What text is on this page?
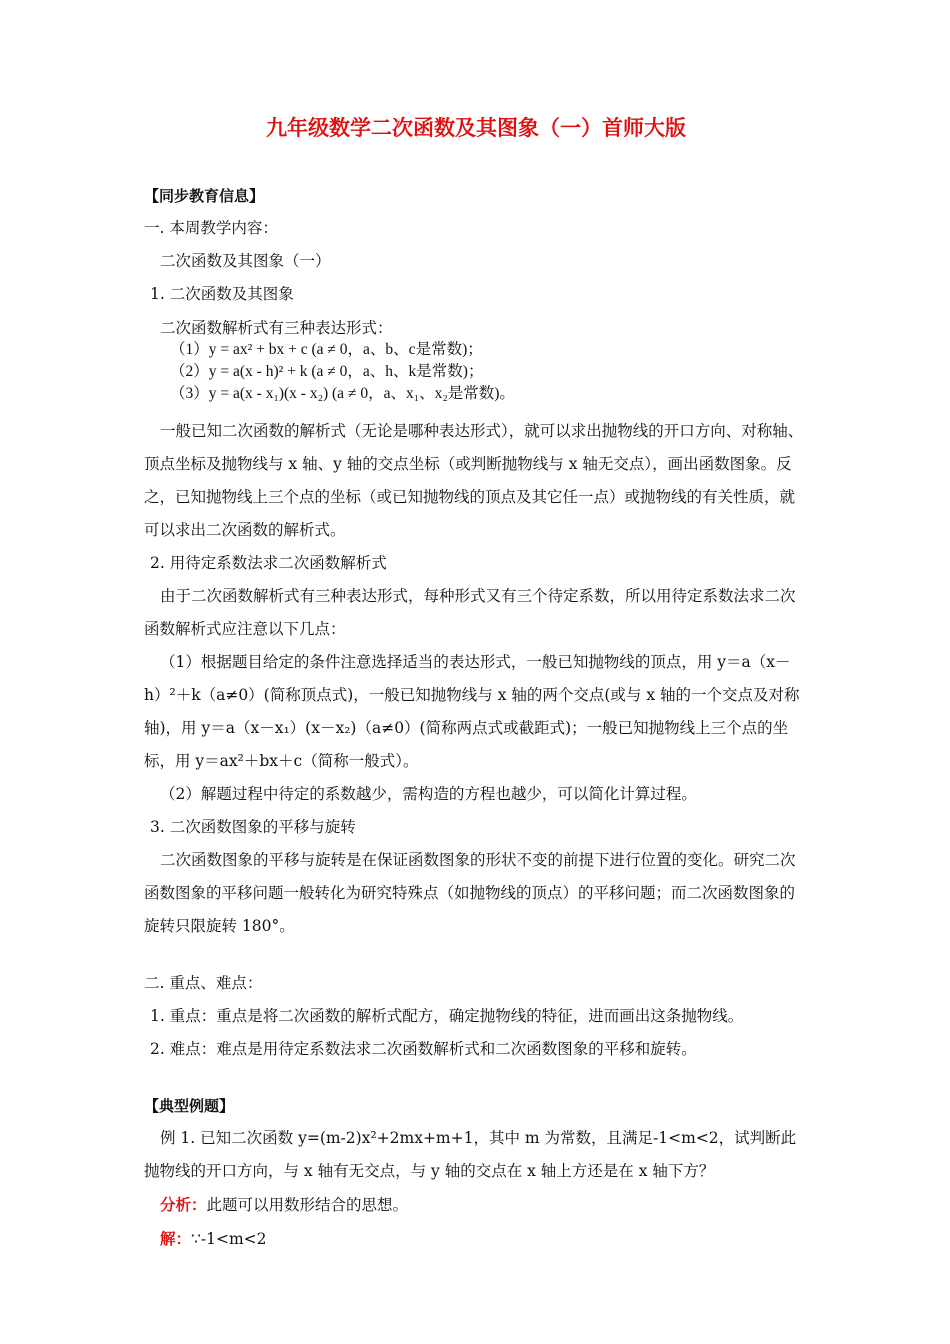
九年级数学二次函数及其图象（一）首师大版
【同步教育信息】
一. 本周教学内容：
二次函数及其图象（一）
1. 二次函数及其图象
二次函数解析式有三种表达形式：
（1）y = ax² + bx + c (a ≠ 0，a、b、c是常数)；
（2）y = a(x - h)² + k (a ≠ 0，a、h、k是常数)；
（3）y = a(x - x₁)(x - x₂) (a ≠ 0，a、x₁、x₂是常数)。
一般已知二次函数的解析式（无论是哪种表达形式），就可以求出抛物线的开口方向、对称轴、顶点坐标及抛物线与 x 轴、y 轴的交点坐标（或判断抛物线与 x 轴无交点），画出函数图象。反之，已知抛物线上三个点的坐标（或已知抛物线的顶点及其它任一点）或抛物线的有关性质，就可以求出二次函数的解析式。
2. 用待定系数法求二次函数解析式
由于二次函数解析式有三种表达形式，每种形式又有三个待定系数，所以用待定系数法求二次函数解析式应注意以下几点：
（1）根据题目给定的条件注意选择适当的表达形式，一般已知抛物线的顶点，用 y＝a（x－h）²＋k（a≠0）(简称顶点式)，一般已知抛物线与 x 轴的两个交点(或与 x 轴的一个交点及对称轴)，用 y＝a（x－x₁）(x－x₂)（a≠0）(简称两点式或截距式)；一般已知抛物线上三个点的坐标，用 y＝ax²＋bx＋c（简称一般式）。
（2）解题过程中待定的系数越少，需构造的方程也越少，可以简化计算过程。
3. 二次函数图象的平移与旋转
二次函数图象的平移与旋转是在保证函数图象的形状不变的前提下进行位置的变化。研究二次函数图象的平移问题一般转化为研究特殊点（如抛物线的顶点）的平移问题；而二次函数图象的旋转只限旋转 180°。
二. 重点、难点：
1. 重点：重点是将二次函数的解析式配方，确定抛物线的特征，进而画出这条抛物线。
2. 难点：难点是用待定系数法求二次函数解析式和二次函数图象的平移和旋转。
【典型例题】
例 1. 已知二次函数 y=(m-2)x²+2mx+m+1，其中 m 为常数，且满足-1<m<2，试判断此抛物线的开口方向，与 x 轴有无交点，与 y 轴的交点在 x 轴上方还是在 x 轴下方？
分析：此题可以用数形结合的思想。
解：∵-1<m<2
